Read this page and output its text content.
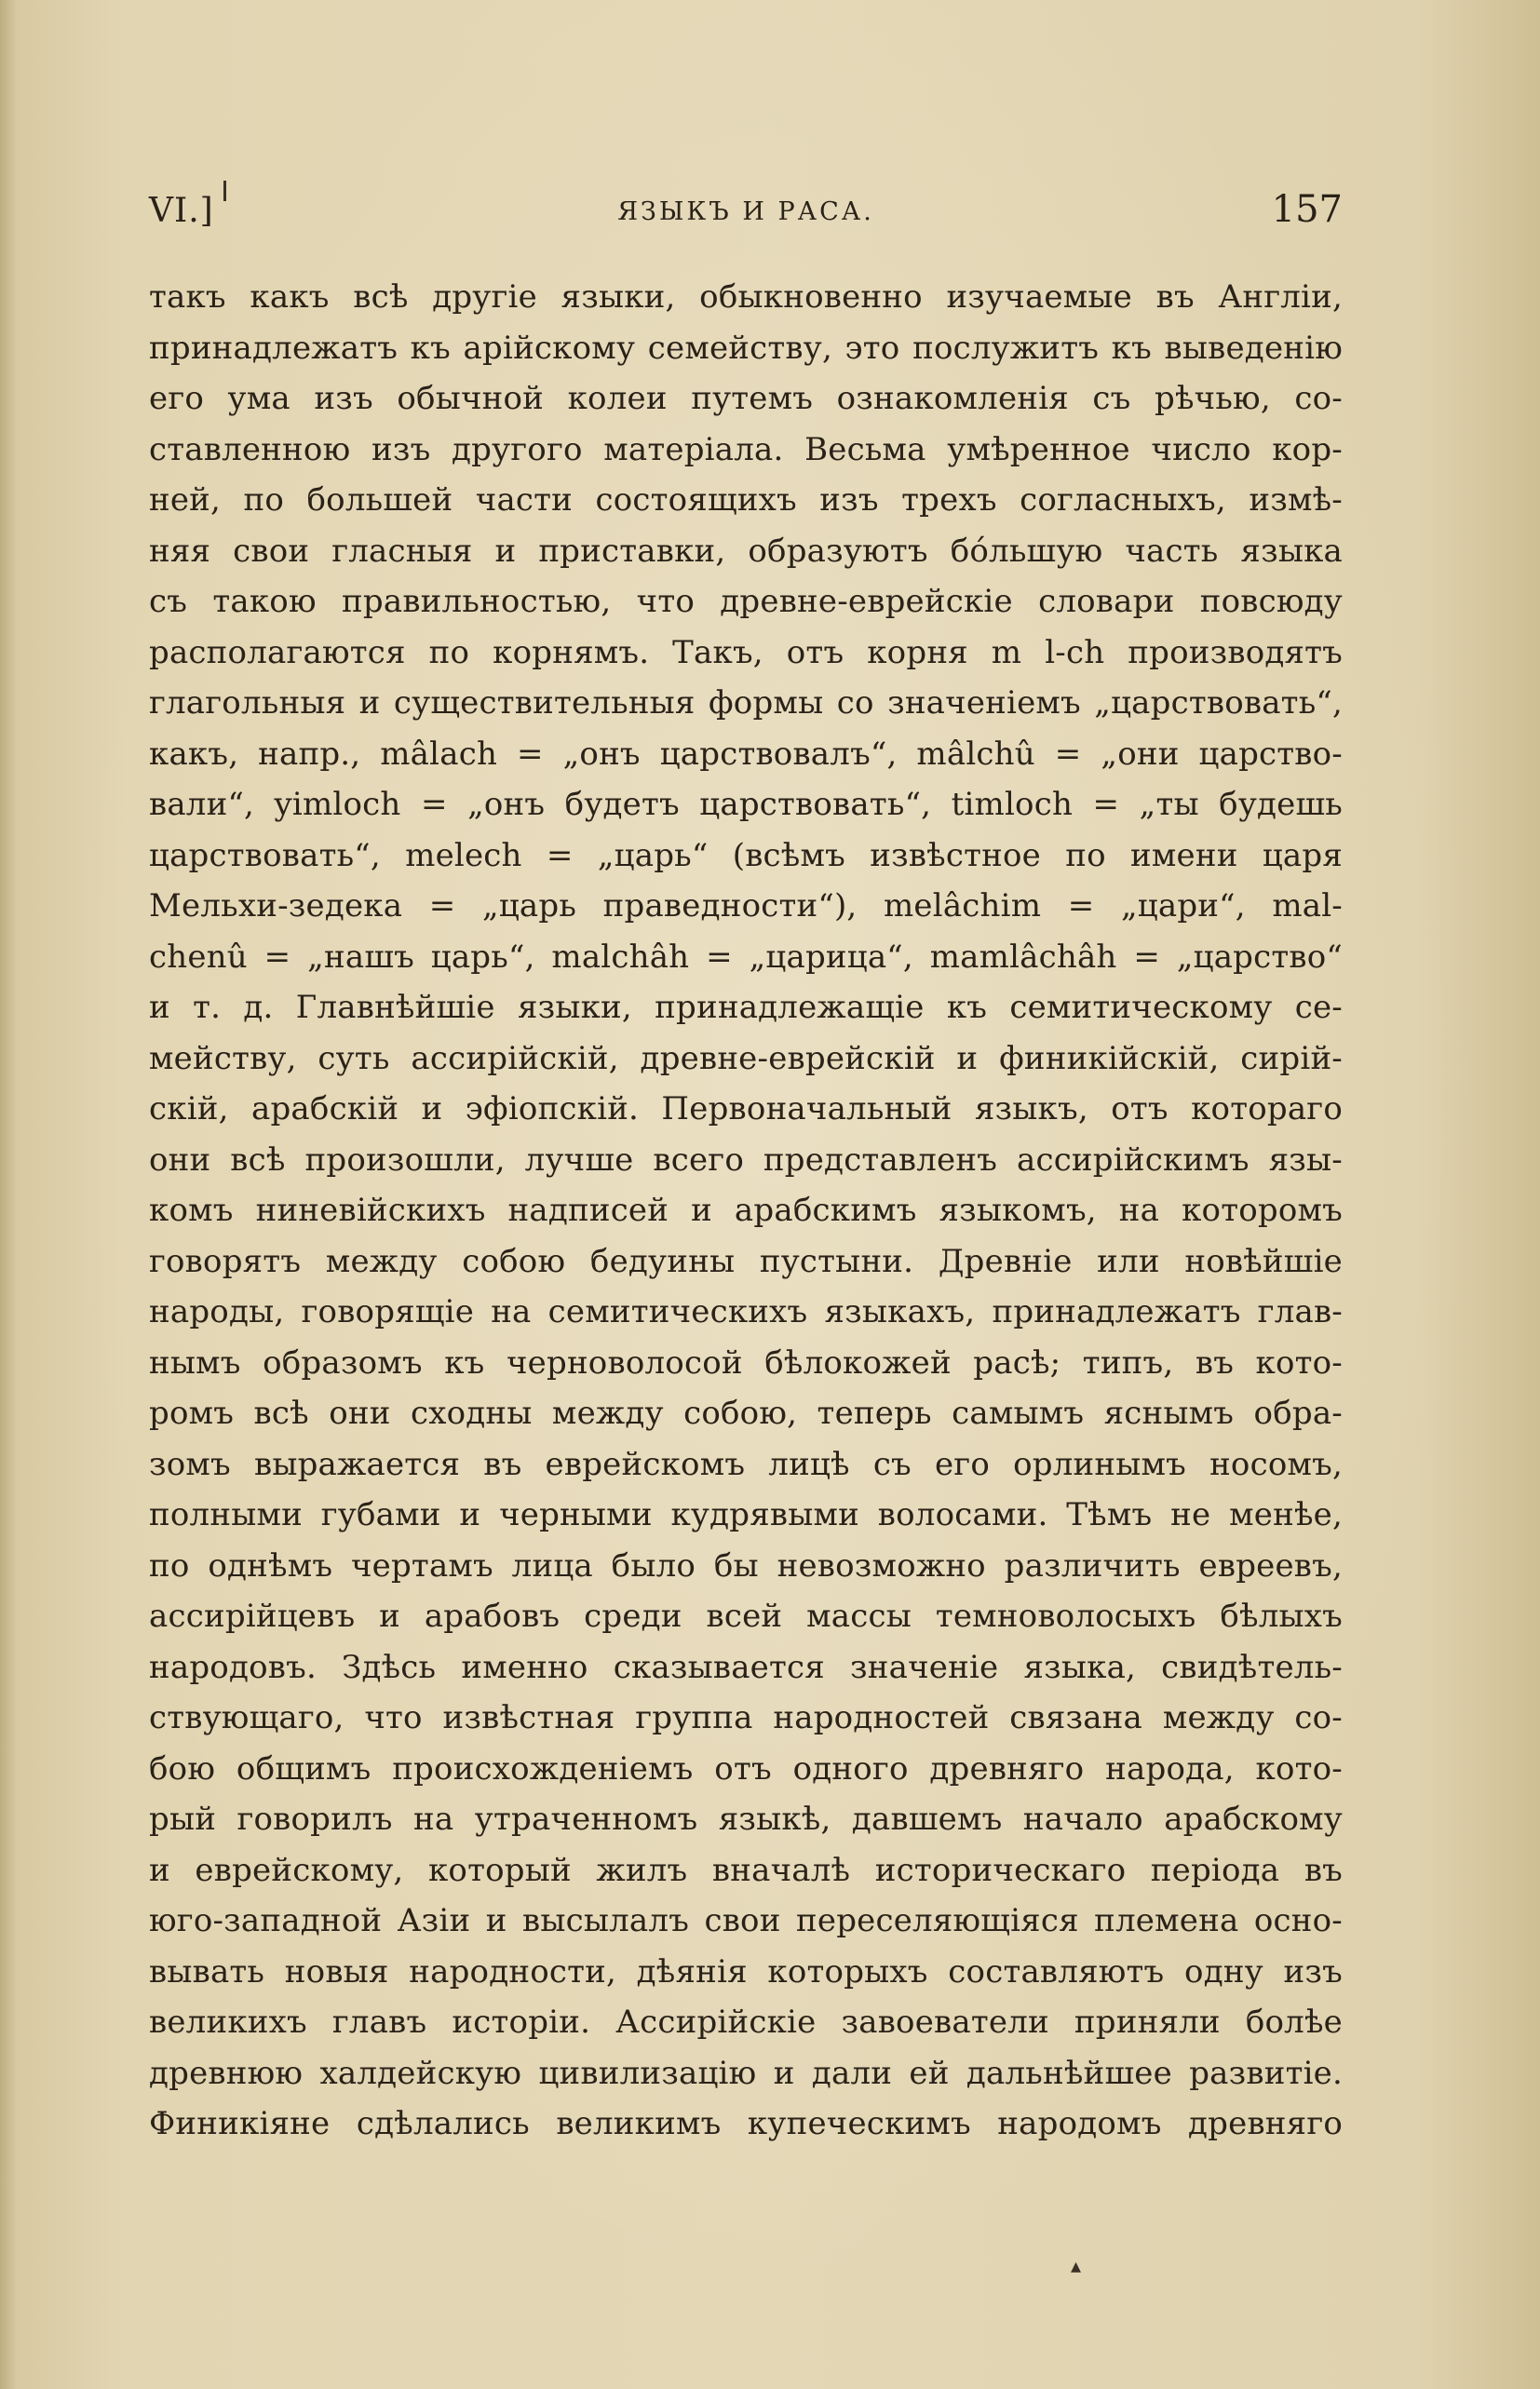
VI.]	ЯЗЫКЪ И РАСА.	157
такъ какъ всѣ другіе языки, обыкновенно изучаемые въ Англіи,
принадлежатъ къ арійскому семейству, это послужитъ къ выведенію
его ума изъ обычной колеи путемъ ознакомленія съ рѣчью, со-
ставленною изъ другого матеріала. Весьма умѣренное число кор-
ней, по большей части состоящихъ изъ трехъ согласныхъ, измѣ-
няя свои гласныя и приставки, образуютъ бо́льшую часть языка
съ такою правильностью, что древне-еврейскіе словари повсюду
располагаются по корнямъ. Такъ, отъ корня m l-ch производятъ
глагольныя и существительныя формы со значеніемъ „царствовать“,
какъ, напр., mâlach = „онъ царствовалъ“, mâlchû = „они царство-
вали“, yimloch = „онъ будетъ царствовать“, timloch = „ты будешь
царствовать“, melech = „царь“ (всѣмъ извѣстное по имени царя
Мельхи-зедека = „царь праведности“), melâchim = „цари“, mal-
chenû = „нашъ царь“, malchâh = „царица“, mamlâchâh = „царство“
и т. д. Главнѣйшіе языки, принадлежащіе къ семитическому се-
мейству, суть ассирійскій, древне-еврейскій и финикійскій, сирій-
скій, арабскій и эфіопскій. Первоначальный языкъ, отъ котораго
они всѣ произошли, лучше всего представленъ ассирійскимъ язы-
комъ ниневійскихъ надписей и арабскимъ языкомъ, на которомъ
говорятъ между собою бедуины пустыни. Древніе или новѣйшіе
народы, говорящіе на семитическихъ языкахъ, принадлежатъ глав-
нымъ образомъ къ черноволосой бѣлокожей расѣ; типъ, въ кото-
ромъ всѣ они сходны между собою, теперь самымъ яснымъ обра-
зомъ выражается въ еврейскомъ лицѣ съ его орлинымъ носомъ,
полными губами и черными кудрявыми волосами. Тѣмъ не менѣе,
по однѣмъ чертамъ лица было бы невозможно различить евреевъ,
ассирійцевъ и арабовъ среди всей массы темноволосыхъ бѣлыхъ
народовъ. Здѣсь именно сказывается значеніе языка, свидѣтель-
ствующаго, что извѣстная группа народностей связана между со-
бою общимъ происхожденіемъ отъ одного древняго народа, кото-
рый говорилъ на утраченномъ языкѣ, давшемъ начало арабскому
и еврейскому, который жилъ вначалѣ историческаго періода въ
юго-западной Азіи и высылалъ свои переселяющіяся племена осно-
вывать новыя народности, дѣянія которыхъ составляютъ одну изъ
великихъ главъ исторіи. Ассирійскіе завоеватели приняли болѣе
древнюю халдейскую цивилизацію и дали ей дальнѣйшее развитіе.
Финикіяне сдѣлались великимъ купеческимъ народомъ древняго
▴
